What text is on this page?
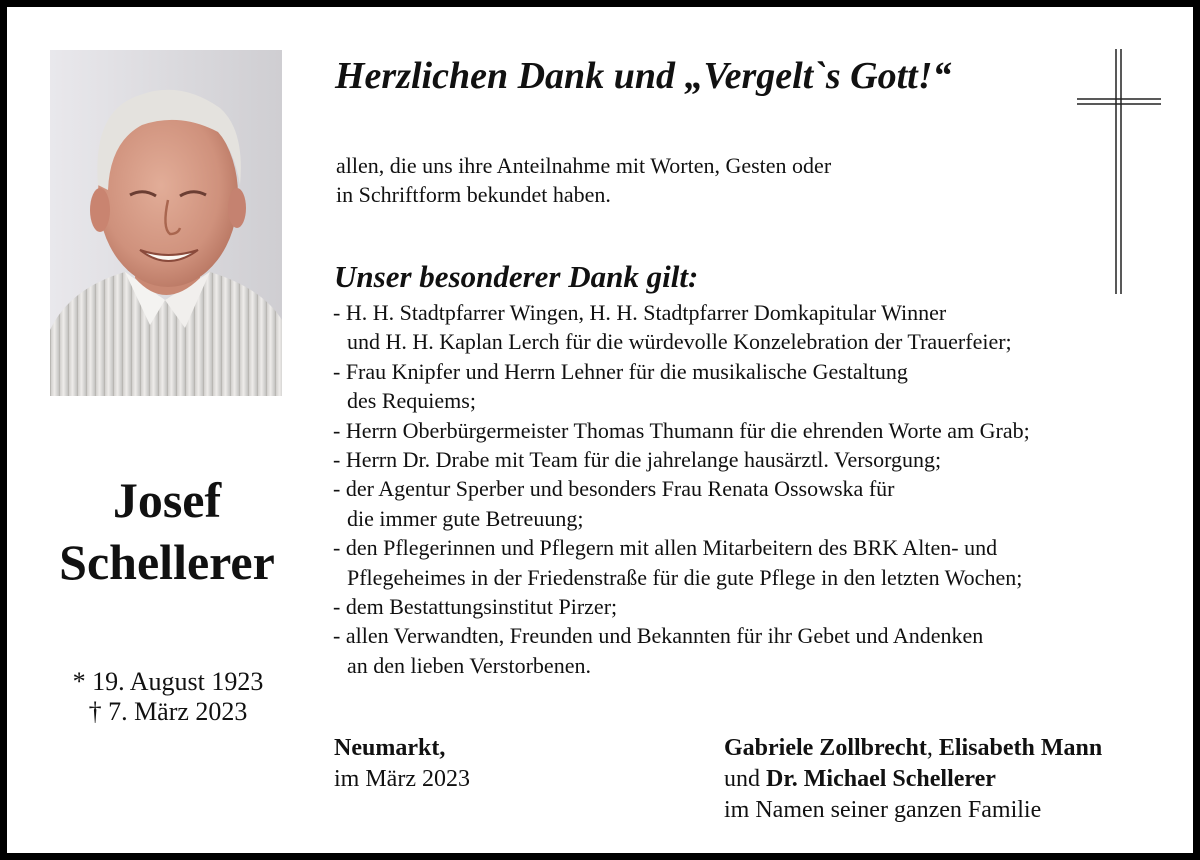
Josef
Schellerer
* 19. August 1923
† 7. März 2023
Herzlichen Dank und „Vergelt`s Gott!“
allen, die uns ihre Anteilnahme mit Worten, Gesten oder
in Schriftform bekundet haben.
Unser besonderer Dank gilt:
- H. H. Stadtpfarrer Wingen, H. H. Stadtpfarrer Domkapitular Winner
und H. H. Kaplan Lerch für die würdevolle Konzelebration der Trauerfeier;
- Frau Knipfer und Herrn Lehner für die musikalische Gestaltung
des Requiems;
- Herrn Oberbürgermeister Thomas Thumann für die ehrenden Worte am Grab;
- Herrn Dr. Drabe mit Team für die jahrelange hausärztl. Versorgung;
- der Agentur Sperber und besonders Frau Renata Ossowska für
die immer gute Betreuung;
- den Pflegerinnen und Pflegern mit allen Mitarbeitern des BRK Alten- und
Pflegeheimes in der Friedenstraße für die gute Pflege in den letzten Wochen;
- dem Bestattungsinstitut Pirzer;
- allen Verwandten, Freunden und Bekannten für ihr Gebet und Andenken
an den lieben Verstorbenen.
Neumarkt,
im März 2023
Gabriele Zollbrecht, Elisabeth Mann
und Dr. Michael Schellerer
im Namen seiner ganzen Familie
